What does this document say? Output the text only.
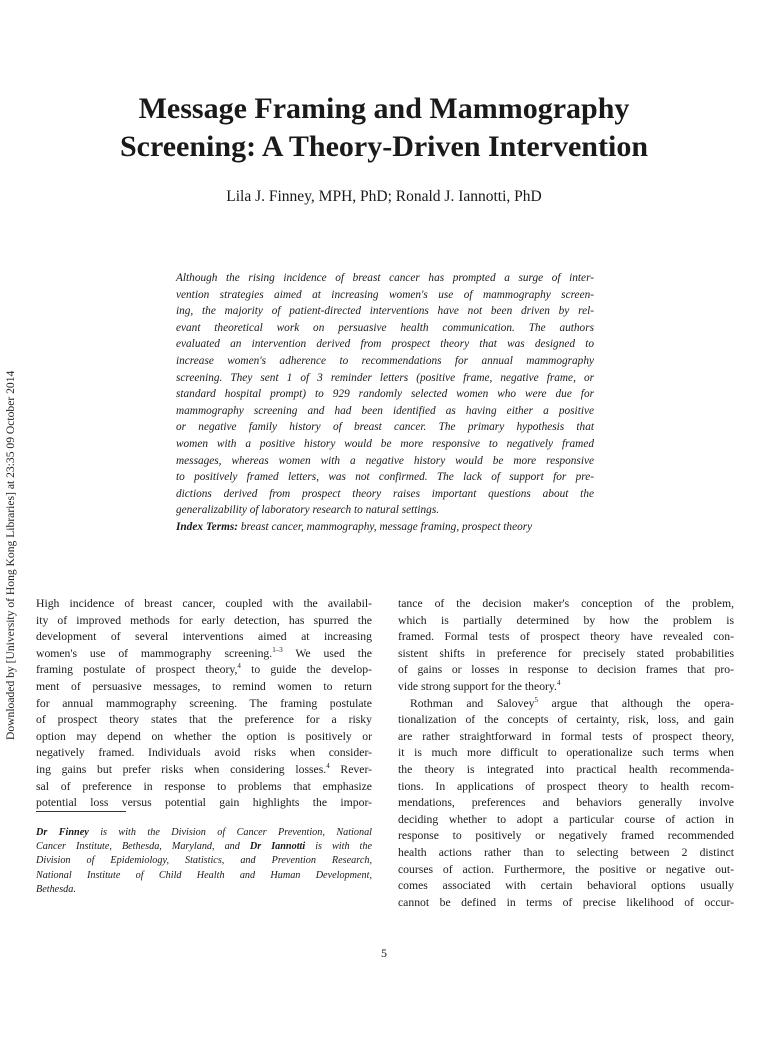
Message Framing and Mammography
Screening: A Theory-Driven Intervention

Lila J. Finney, MPH, PhD; Ronald J. Iannotti, PhD

Although the rising incidence of breast cancer has prompted a surge of inter-
vention strategies aimed at increasing women's use of mammography screen-
ing, the majority of patient-directed interventions have not been driven by rel-
evant theoretical work on persuasive health communication. The authors
evaluated an intervention derived from prospect theory that was designed to
increase women's adherence to recommendations for annual mammography
screening. They sent 1 of 3 reminder letters (positive frame, negative frame, or
standard hospital prompt) to 929 randomly selected women who were due for
mammography screening and had been identified as having either a positive
or negative family history of breast cancer. The primary hypothesis that
women with a positive history would be more responsive to negatively framed
messages, whereas women with a negative history would be more responsive
to positively framed letters, was not confirmed. The lack of support for pre-
dictions derived from prospect theory raises important questions about the
generalizability of laboratory research to natural settings.

Index Terms: breast cancer, mammography, message framing, prospect theory

Downloaded by [University of Hong Kong Libraries] at 23:35 09 October 2014 High incidence of breast cancer, coupled with the availabil-
ity of improved methods for early detection, has spurred the
development of several interventions aimed at increasing
women's use of mammography screening.$^{1-3}$ We used the
framing postulate of prospect theory,$^4$ to guide the develop-
ment of persuasive messages, to remind women to return
for annual mammography screening. The framing postulate
of prospect theory states that the preference for a risky
option may depend on whether the option is positively or
negatively framed. Individuals avoid risks when consider-
ing gains but prefer risks when considering losses.$^4$ Rever-
sal of preference in response to problems that emphasize
potential loss versus potential gain highlights the impor-
Dr Finney is with the Division of Cancer Prevention, National
Cancer Institute, Bethesda, Maryland, and Dr Iannotti is with the
Division of Epidemiology, Statistics, and Prevention Research,
National Institute of Child Health and Human Development,
Bethesda.
tance of the decision maker's conception of the problem,
which is partially determined by how the problem is
framed. Formal tests of prospect theory have revealed con-
sistent shifts in preference for precisely stated probabilities
of gains or losses in response to decision frames that pro-
vide strong support for the theory.$^4$
Rothman and Salovey$^5$ argue that although the opera-
tionalization of the concepts of certainty, risk, loss, and gain
are rather straightforward in formal tests of prospect theory,
it is much more difficult to operationalize such terms when
the theory is integrated into practical health recommenda-
tions. In applications of prospect theory to health recom-
mendations, preferences and behaviors generally involve
deciding whether to adopt a particular course of action in
response to positively or negatively framed recommended
health actions rather than to selecting between 2 distinct
courses of action. Furthermore, the positive or negative out-
comes associated with certain behavioral options usually
cannot be defined in terms of precise likelihood of occur-

5
